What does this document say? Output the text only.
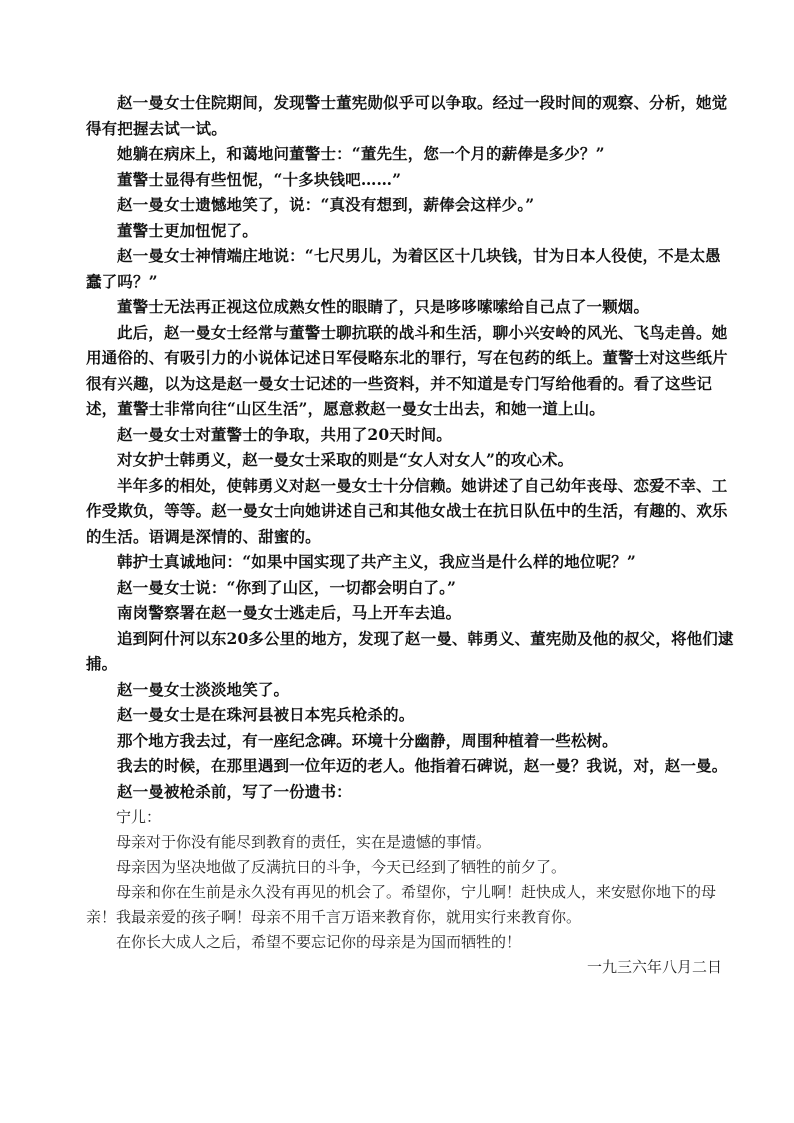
赵一曼女士住院期间，发现警士董宪勋似乎可以争取。经过一段时间的观察、分析，她觉得有把握去试一试。

她躺在病床上，和蔼地问董警士：“董先生，您一个月的薪俸是多少？”

董警士显得有些忸怩，“十多块钱吧……”

赵一曼女士遗憾地笑了，说：“真没有想到，薪俸会这样少。”

董警士更加忸怩了。

赵一曼女士神情端庄地说：“七尺男儿，为着区区十几块钱，甘为日本人役使，不是太愚蠢了吗？”

董警士无法再正视这位成熟女性的眼睛了，只是哆哆嗦嗦给自己点了一颗烟。

此后，赵一曼女士经常与董警士聊抗联的战斗和生活，聊小兴安岭的风光、飞鸟走兽。她用通俗的、有吸引力的小说体记述日军侵略东北的罪行，写在包药的纸上。董警士对这些纸片很有兴趣，以为这是赵一曼女士记述的一些资料，并不知道是专门写给他看的。看了这些记述，董警士非常向往“山区生活”，愿意救赵一曼女士出去，和她一道上山。

赵一曼女士对董警士的争取，共用了20天时间。

对女护士韩勇义，赵一曼女士采取的则是“女人对女人”的攻心术。

半年多的相处，使韩勇义对赵一曼女士十分信赖。她讲述了自己幼年丧母、恋爱不幸、工作受欺负，等等。赵一曼女士向她讲述自己和其他女战士在抗日队伍中的生活，有趣的、欢乐的生活。语调是深情的、甜蜜的。

韩护士真诚地问：“如果中国实现了共产主义，我应当是什么样的地位呢？”

赵一曼女士说：“你到了山区，一切都会明白了。”

南岗警察署在赵一曼女士逃走后，马上开车去追。

追到阿什河以东20多公里的地方，发现了赵一曼、韩勇义、董宪勋及他的叔父，将他们逮捕。

赵一曼女士淡淡地笑了。

赵一曼女士是在珠河县被日本宪兵枪杀的。

那个地方我去过，有一座纪念碑。环境十分幽静，周围种植着一些松树。

我去的时候，在那里遇到一位年迈的老人。他指着石碑说，赵一曼？我说，对，赵一曼。

赵一曼被枪杀前，写了一份遗书：

宁儿：

母亲对于你没有能尽到教育的责任，实在是遗憾的事情。

母亲因为坚决地做了反满抗日的斗争，今天已经到了牺牲的前夕了。

母亲和你在生前是永久没有再见的机会了。希望你，宁儿啊！赶快成人，来安慰你地下的母亲！我最亲爱的孩子啊！母亲不用千言万语来教育你，就用实行来教育你。

在你长大成人之后，希望不要忘记你的母亲是为国而牺牲的！

一九三六年八月二日
